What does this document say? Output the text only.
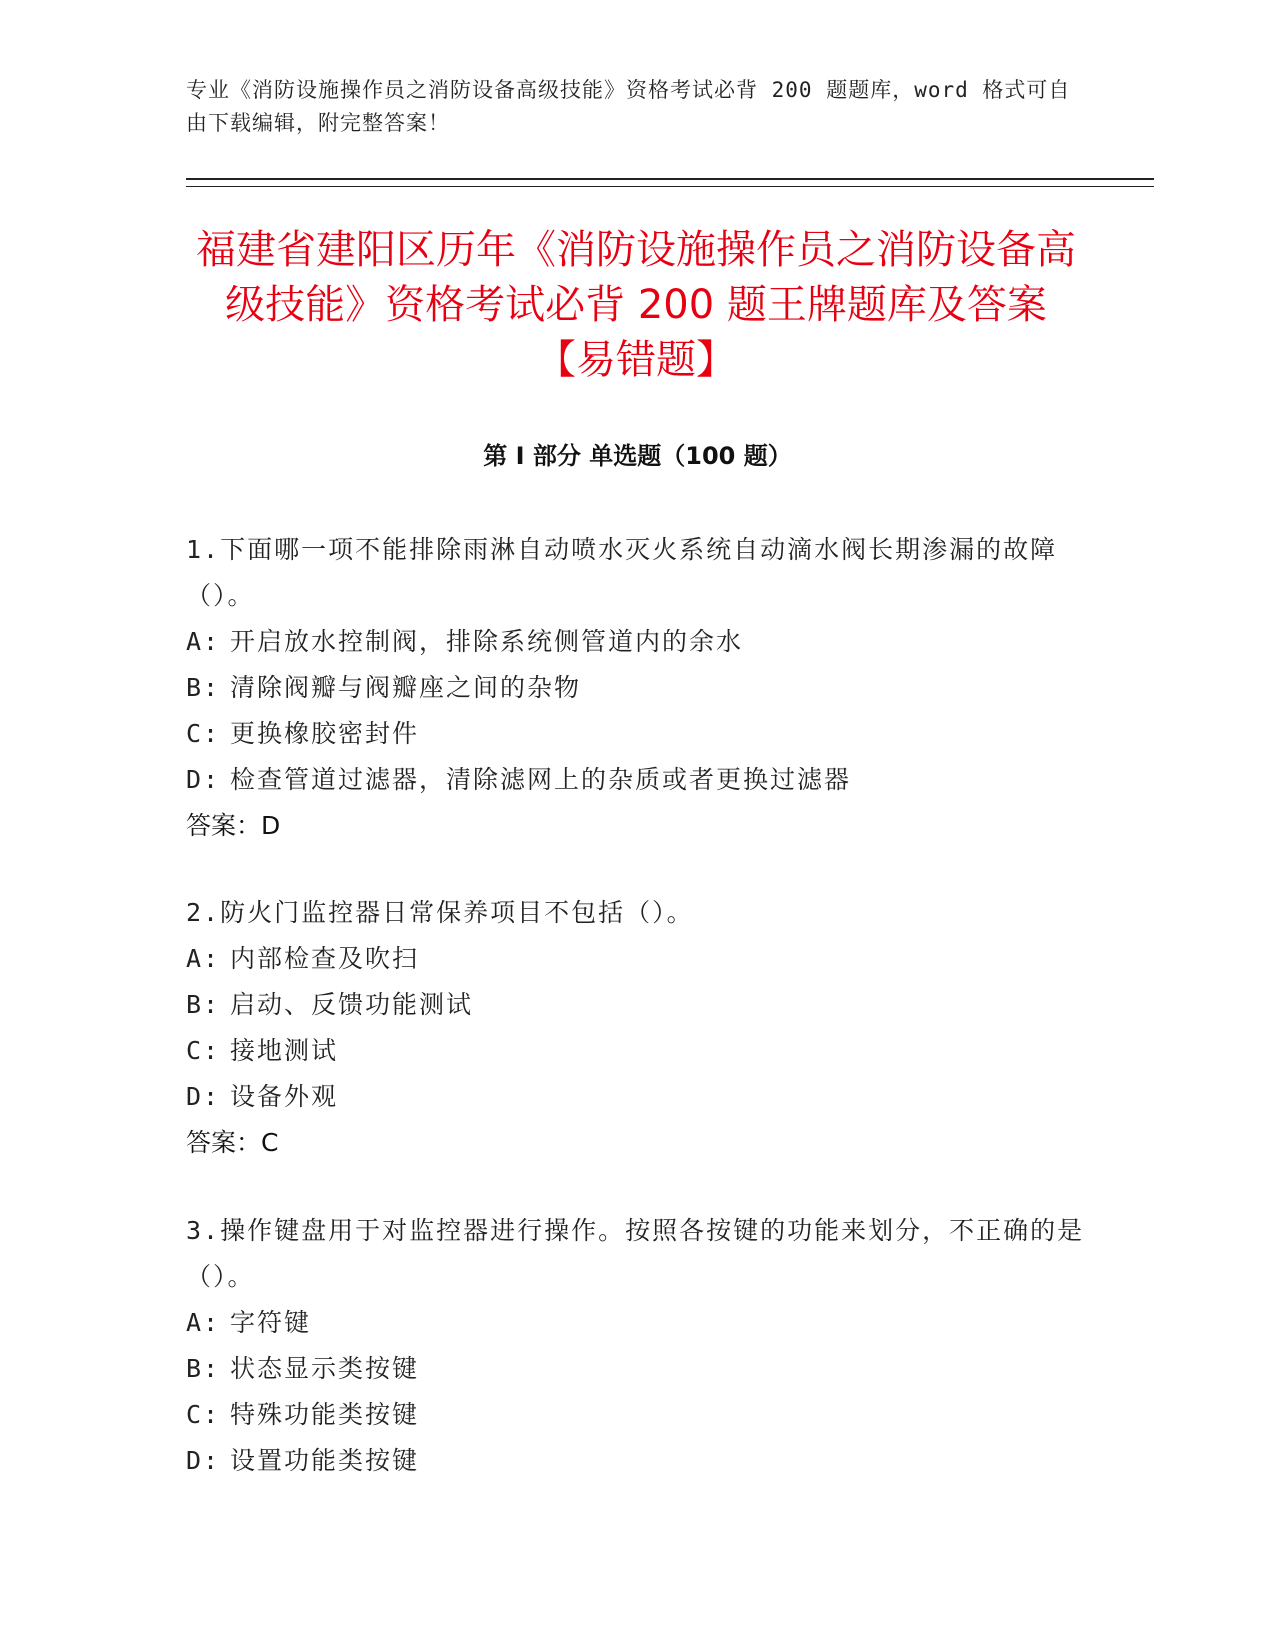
专业《消防设施操作员之消防设备高级技能》资格考试必背 200 题题库，word 格式可自由下载编辑，附完整答案！

福建省建阳区历年《消防设施操作员之消防设备高级技能》资格考试必背 200 题王牌题库及答案【易错题】
第 I 部分 单选题（100 题）

1.下面哪一项不能排除雨淋自动喷水灭火系统自动滴水阀长期渗漏的故障（）。

A: 开启放水控制阀，排除系统侧管道内的余水

B: 清除阀瓣与阀瓣座之间的杂物

C: 更换橡胶密封件

D: 检查管道过滤器，清除滤网上的杂质或者更换过滤器

答案：D

2.防火门监控器日常保养项目不包括（）。

A: 内部检查及吹扫

B: 启动、反馈功能测试

C: 接地测试

D: 设备外观

答案：C

3.操作键盘用于对监控器进行操作。按照各按键的功能来划分，不正确的是（）。

A: 字符键

B: 状态显示类按键

C: 特殊功能类按键

D: 设置功能类按键
